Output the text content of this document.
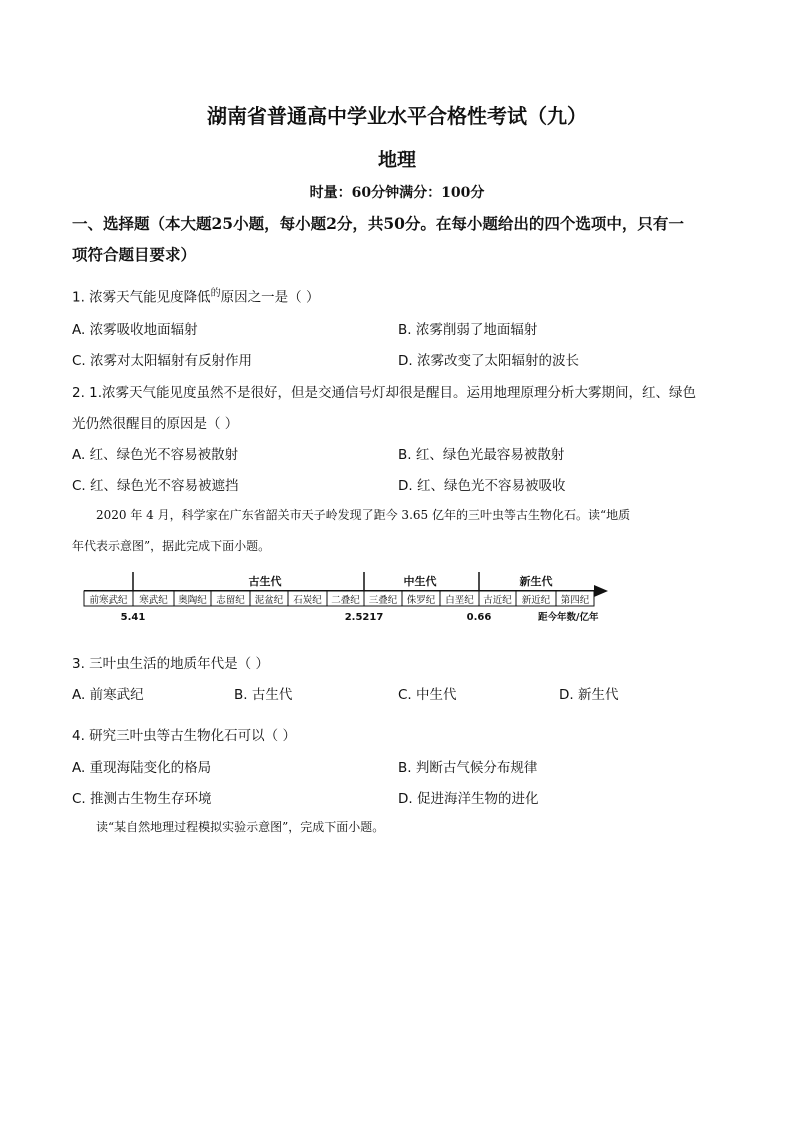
湖南省普通高中学业水平合格性考试（九）
地理
时量：60分钟满分：100分
一、选择题（本大题25小题，每小题2分，共50分。在每小题给出的四个选项中，只有一
项符合题目要求）
1. 浓雾天气能见度降低$^的$原因之一是（ ）
A. 浓雾吸收地面辐射	B. 浓雾削弱了地面辐射
C. 浓雾对太阳辐射有反射作用	D. 浓雾改变了太阳辐射的波长
2. 1.浓雾天气能见度虽然不是很好，但是交通信号灯却很是醒目。运用地理原理分析大雾期间，红、绿色
光仍然很醒目的原因是（ ）
A. 红、绿色光不容易被散射	B. 红、绿色光最容易被散射
C. 红、绿色光不容易被遮挡	D. 红、绿色光不容易被吸收
2020 年 4 月，科学家在广东省韶关市天子岭发现了距今 3.65 亿年的三叶虫等古生物化石。读“地质
年代表示意图”，据此完成下面小题。
古生代	中生代	新生代
前寒武纪 寒武纪 奥陶纪 志留纪 泥盆纪 石炭纪 二叠纪 三叠纪 侏罗纪 白垩纪 古近纪 新近纪 第四纪
5.41	2.5217	0.66	距今年数/亿年
3. 三叶虫生活的地质年代是（ ）
A. 前寒武纪	B. 古生代	C. 中生代	D. 新生代
4. 研究三叶虫等古生物化石可以（ ）
A. 重现海陆变化的格局	B. 判断古气候分布规律
C. 推测古生物生存环境	D. 促进海洋生物的进化
读“某自然地理过程模拟实验示意图”，完成下面小题。
